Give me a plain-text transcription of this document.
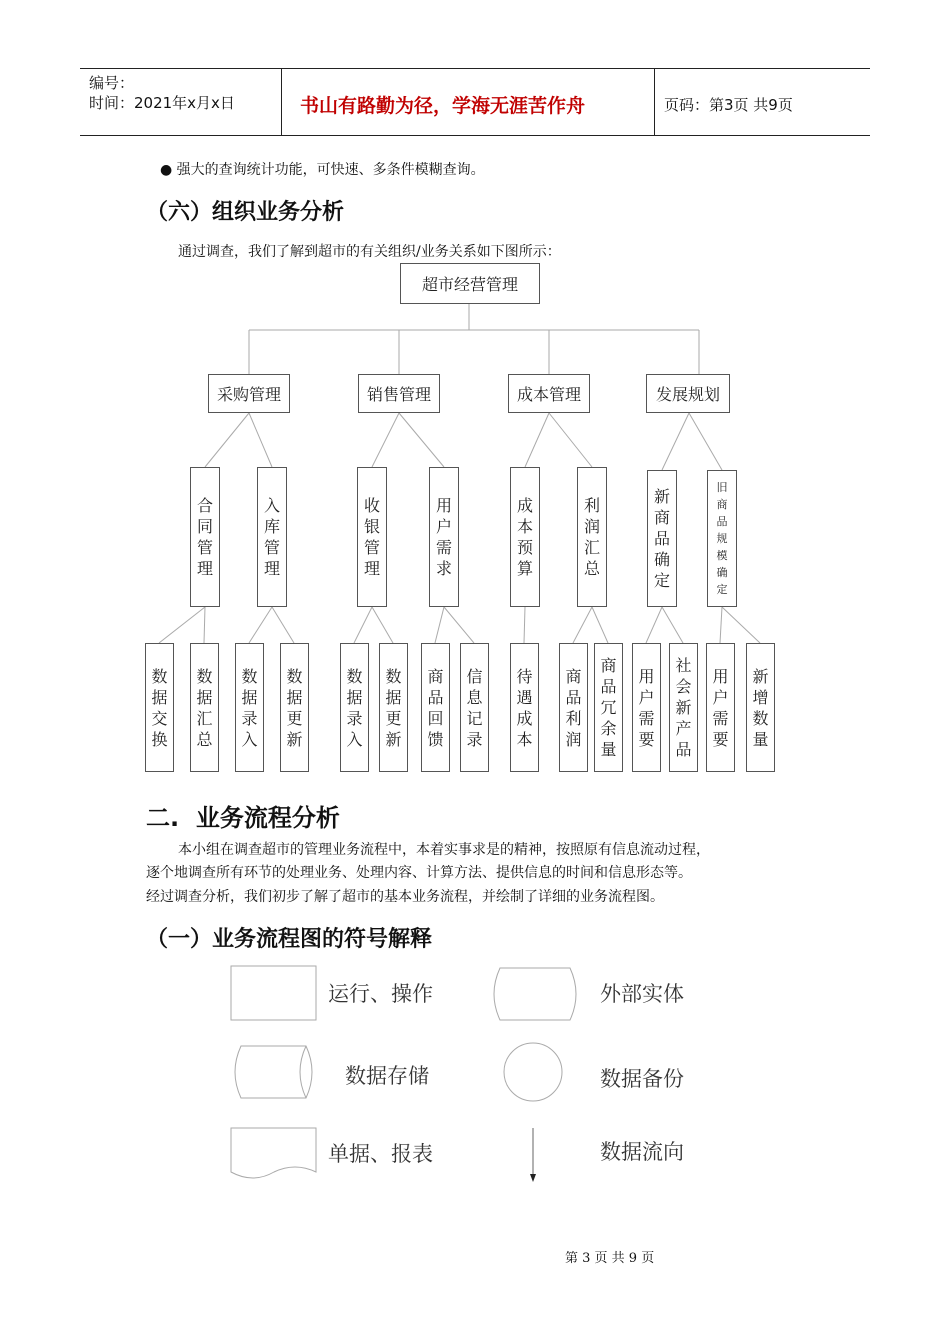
编号：
时间：2021年x月x日	书山有路勤为径，学海无涯苦作舟	页码：第3页 共9页
● 强大的查询统计功能，可快速、多条件模糊查询。
（六）组织业务分析
通过调查，我们了解到超市的有关组织/业务关系如下图所示：
超市经营管理
采购管理	销售管理	成本管理	发展规划
合同管理
入库管理
收银管理
用户需求
成本预算
利润汇总
新商品确定
旧商品规模确定
数据交换
数据汇总
数据录入
数据更新
数据录入
数据更新
商品回馈
信息记录
待遇成本
商品利润
商品冗余量
用户需要
社会新产品
用户需要
新增数量
二.  业务流程分析
本小组在调查超市的管理业务流程中，本着实事求是的精神，按照原有信息流动过程，
逐个地调查所有环节的处理业务、处理内容、计算方法、提供信息的时间和信息形态等。
经过调查分析，我们初步了解了超市的基本业务流程，并绘制了详细的业务流程图。
（一）业务流程图的符号解释
运行、操作	外部实体
数据存储	数据备份
单据、报表	数据流向
第 3 页 共 9 页
